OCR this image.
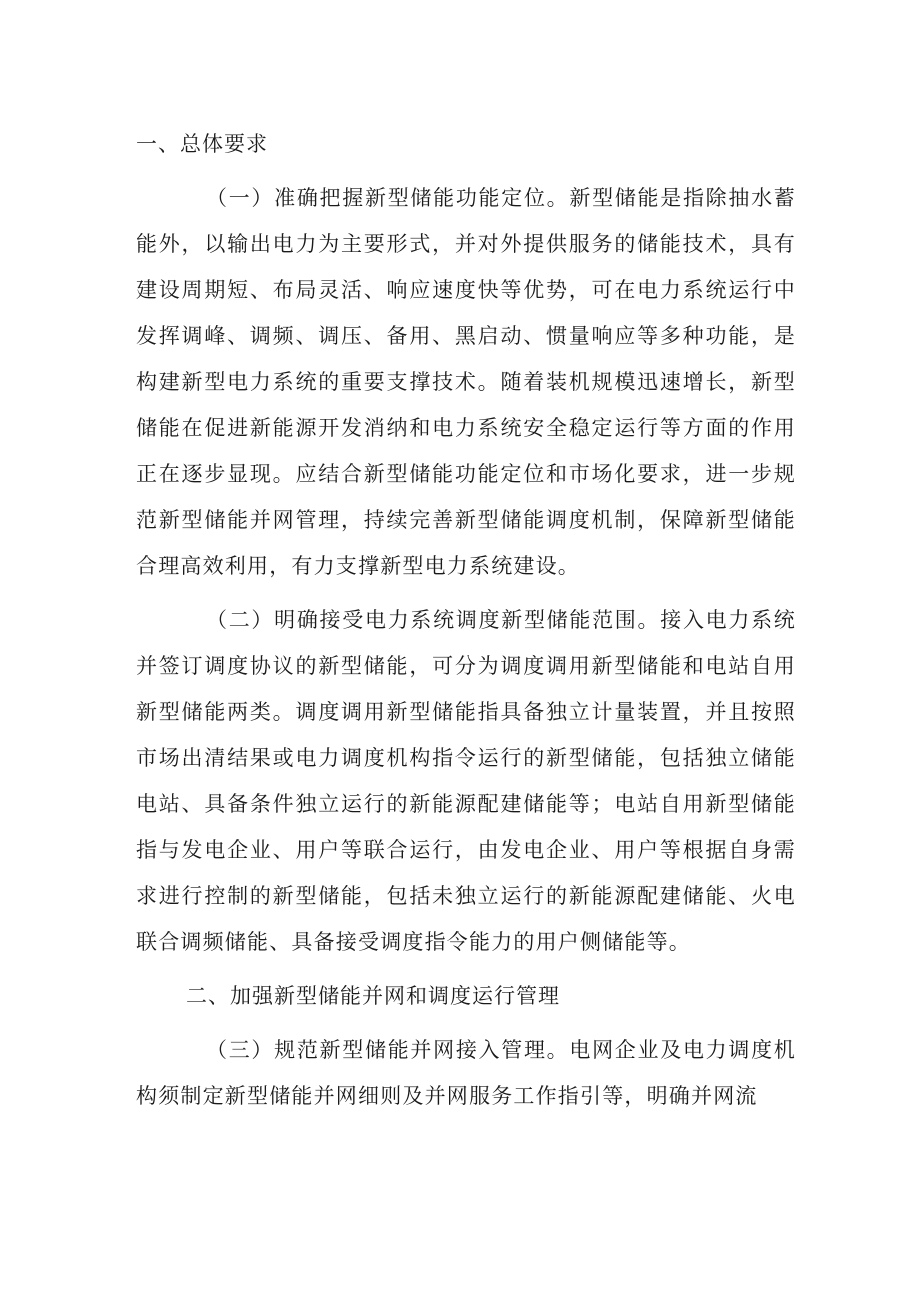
一、总体要求

（一）准确把握新型储能功能定位。新型储能是指除抽水蓄能外，以输出电力为主要形式，并对外提供服务的储能技术，具有建设周期短、布局灵活、响应速度快等优势，可在电力系统运行中发挥调峰、调频、调压、备用、黑启动、惯量响应等多种功能，是构建新型电力系统的重要支撑技术。随着装机规模迅速增长，新型储能在促进新能源开发消纳和电力系统安全稳定运行等方面的作用正在逐步显现。应结合新型储能功能定位和市场化要求，进一步规范新型储能并网管理，持续完善新型储能调度机制，保障新型储能合理高效利用，有力支撑新型电力系统建设。

（二）明确接受电力系统调度新型储能范围。接入电力系统并签订调度协议的新型储能，可分为调度调用新型储能和电站自用新型储能两类。调度调用新型储能指具备独立计量装置，并且按照市场出清结果或电力调度机构指令运行的新型储能，包括独立储能电站、具备条件独立运行的新能源配建储能等；电站自用新型储能指与发电企业、用户等联合运行，由发电企业、用户等根据自身需求进行控制的新型储能，包括未独立运行的新能源配建储能、火电联合调频储能、具备接受调度指令能力的用户侧储能等。

二、加强新型储能并网和调度运行管理

（三）规范新型储能并网接入管理。电网企业及电力调度机构须制定新型储能并网细则及并网服务工作指引等，明确并网流
